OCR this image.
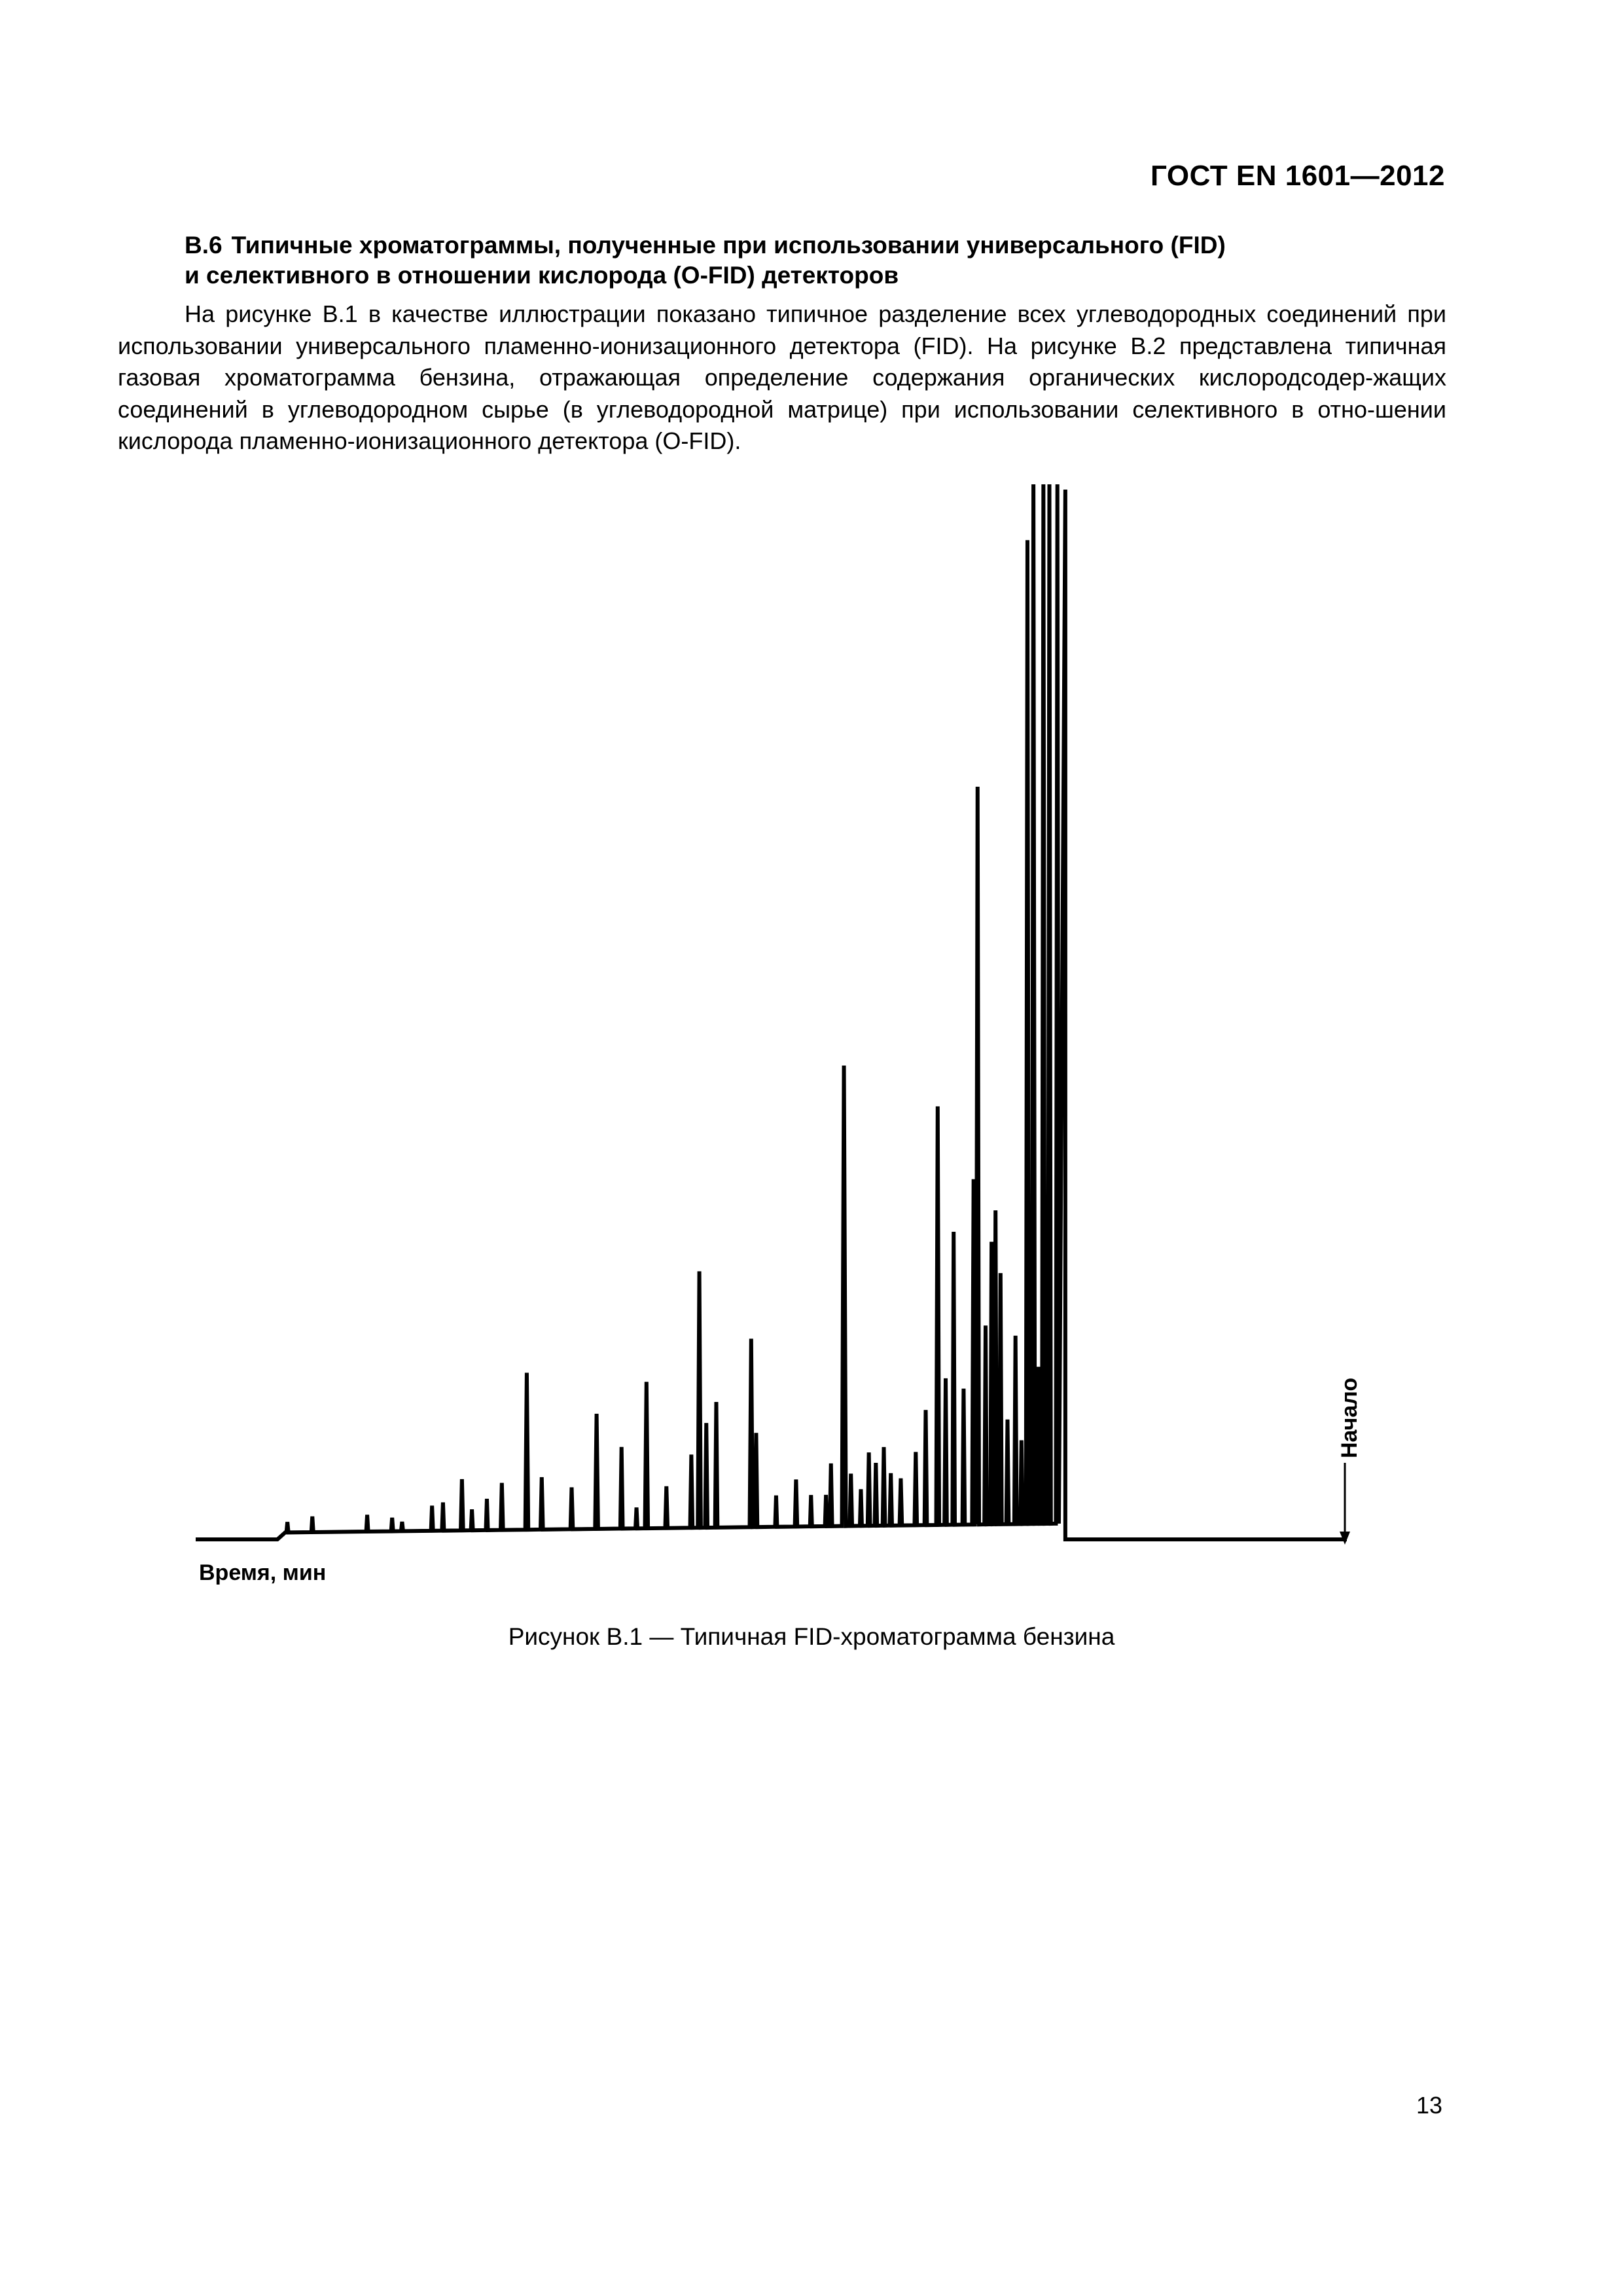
ГОСТ EN 1601—2012
B.6 Типичные хроматограммы, полученные при использовании универсального (FID)
и селективного в отношении кислорода (O-FID) детекторов
На рисунке В.1 в качестве иллюстрации показано типичное разделение всех углеводородных соединений при использовании универсального пламенно-ионизационного детектора (FID). На рисунке В.2 представлена типичная газовая хроматограмма бензина, отражающая определение содержания органических кислородсодер-жащих соединений в углеводородном сырье (в углеводородной матрице) при использовании селективного в отно-шении кислорода пламенно-ионизационного детектора (O-FID).
Начало
Время, мин
Рисунок В.1 — Типичная FID-хроматограмма бензина
13
